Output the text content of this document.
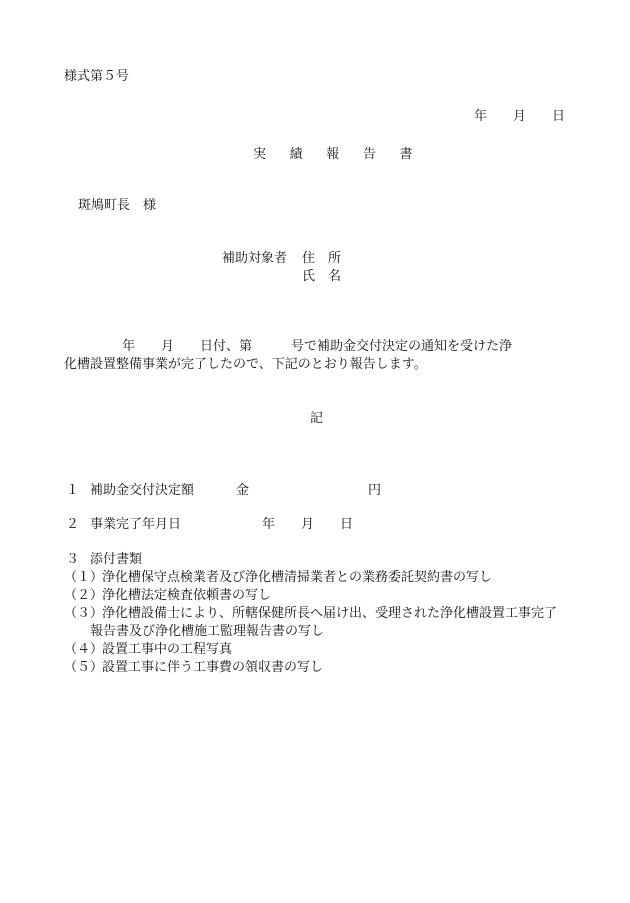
様式第５号
年　　月　　日
実 績 報 告 書
斑鳩町長　様
補助対象者 住　所
氏　名
年　　月　　日付、第　　　号で補助金交付決定の通知を受けた浄
化槽設置整備事業が完了したので、下記のとおり報告します。
記
１ 補助金交付決定額	金	円
２ 事業完了年月日	年　　月　　日
３ 添付書類
（１）
浄化槽保守点検業者及び浄化槽清掃業者との業務委託契約書の写し
（２）
浄化槽法定検査依頼書の写し
（３）
浄化槽設備士により、所轄保健所長へ届け出、受理された浄化槽設置工事完了
報告書及び浄化槽施工監理報告書の写し
（４）
設置工事中の工程写真
（５）
設置工事に伴う工事費の領収書の写し
